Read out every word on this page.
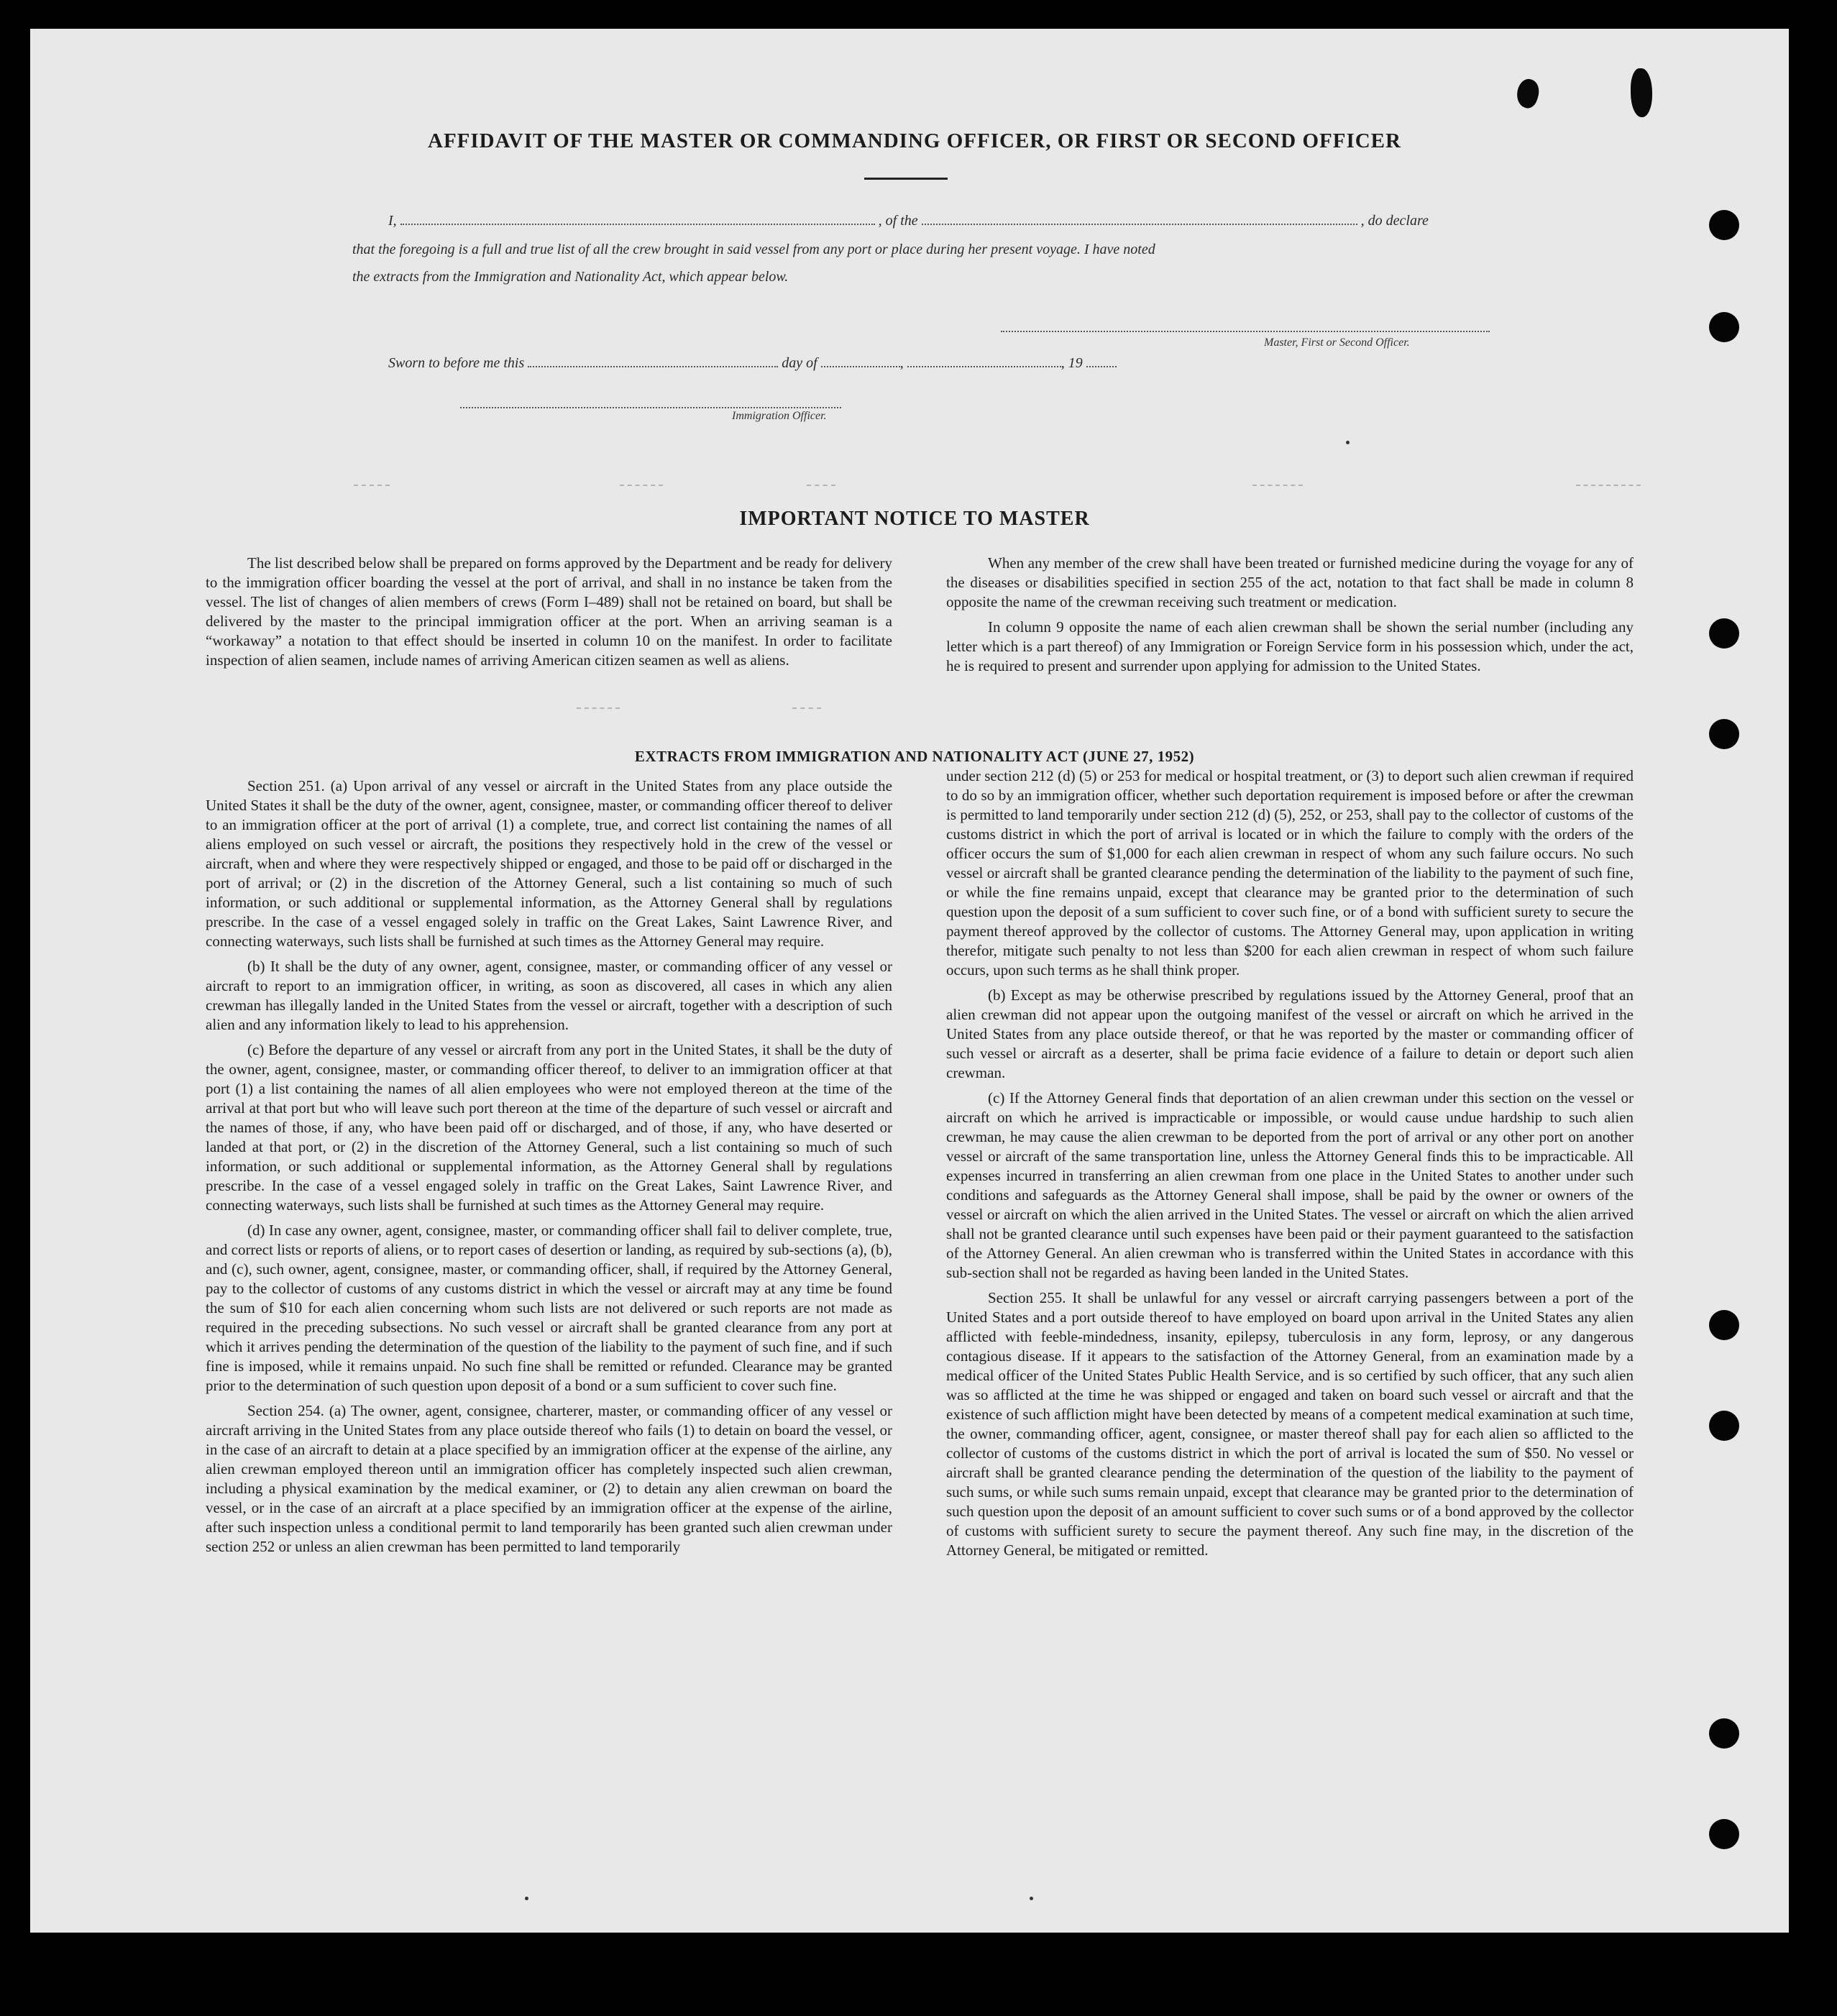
AFFIDAVIT OF THE MASTER OR COMMANDING OFFICER, OR FIRST OR SECOND OFFICER
I,	, of the	, do declare
that the foregoing is a full and true list of all the crew brought in said vessel from any port or place during her present voyage. I have noted
the extracts from the Immigration and Nationality Act, which appear below.
Master, First or Second Officer.
Sworn to before me this	day of	,	, 19
Immigration Officer.
IMPORTANT NOTICE TO MASTER

The list described below shall be prepared on forms approved by the Department and be ready for delivery to the immigration officer boarding the vessel at the port of arrival, and shall in no instance be taken from the vessel. The list of changes of alien members of crews (Form I–489) shall not be retained on board, but shall be delivered by the master to the principal immigration officer at the port. When an arriving seaman is a “workaway” a notation to that effect should be inserted in column 10 on the manifest. In order to facilitate inspection of alien seamen, include names of arriving American citizen seamen as well as aliens.

When any member of the crew shall have been treated or furnished medicine during the voyage for any of the diseases or disabilities specified in section 255 of the act, notation to that fact shall be made in column 8 opposite the name of the crewman receiving such treatment or medication.

In column 9 opposite the name of each alien crewman shall be shown the serial number (including any letter which is a part thereof) of any Immigration or Foreign Service form in his possession which, under the act, he is required to present and surrender upon applying for admission to the United States.

EXTRACTS FROM IMMIGRATION AND NATIONALITY ACT (JUNE 27, 1952)

Section 251. (a) Upon arrival of any vessel or aircraft in the United States from any place outside the United States it shall be the duty of the owner, agent, consignee, master, or commanding officer thereof to deliver to an immigration officer at the port of arrival (1) a complete, true, and correct list containing the names of all aliens employed on such vessel or aircraft, the positions they respectively hold in the crew of the vessel or aircraft, when and where they were respectively shipped or engaged, and those to be paid off or discharged in the port of arrival; or (2) in the discretion of the Attorney General, such a list containing so much of such information, or such additional or supplemental information, as the Attorney General shall by regulations prescribe. In the case of a vessel engaged solely in traffic on the Great Lakes, Saint Lawrence River, and connecting waterways, such lists shall be furnished at such times as the Attorney General may require.

(b) It shall be the duty of any owner, agent, consignee, master, or commanding officer of any vessel or aircraft to report to an immigration officer, in writing, as soon as discovered, all cases in which any alien crewman has illegally landed in the United States from the vessel or aircraft, together with a description of such alien and any information likely to lead to his apprehension.

(c) Before the departure of any vessel or aircraft from any port in the United States, it shall be the duty of the owner, agent, consignee, master, or commanding officer thereof, to deliver to an immigration officer at that port (1) a list containing the names of all alien employees who were not employed thereon at the time of the arrival at that port but who will leave such port thereon at the time of the departure of such vessel or aircraft and the names of those, if any, who have been paid off or discharged, and of those, if any, who have deserted or landed at that port, or (2) in the discretion of the Attorney General, such a list containing so much of such information, or such additional or supplemental information, as the Attorney General shall by regulations prescribe. In the case of a vessel engaged solely in traffic on the Great Lakes, Saint Lawrence River, and connecting waterways, such lists shall be furnished at such times as the Attorney General may require.

(d) In case any owner, agent, consignee, master, or commanding officer shall fail to deliver complete, true, and correct lists or reports of aliens, or to report cases of desertion or landing, as required by sub-sections (a), (b), and (c), such owner, agent, consignee, master, or commanding officer, shall, if required by the Attorney General, pay to the collector of customs of any customs district in which the vessel or aircraft may at any time be found the sum of $10 for each alien concerning whom such lists are not delivered or such reports are not made as required in the preceding subsections. No such vessel or aircraft shall be granted clearance from any port at which it arrives pending the determination of the question of the liability to the payment of such fine, and if such fine is imposed, while it remains unpaid. No such fine shall be remitted or refunded. Clearance may be granted prior to the determination of such question upon deposit of a bond or a sum sufficient to cover such fine.

Section 254. (a) The owner, agent, consignee, charterer, master, or commanding officer of any vessel or aircraft arriving in the United States from any place outside thereof who fails (1) to detain on board the vessel, or in the case of an aircraft to detain at a place specified by an immigration officer at the expense of the airline, any alien crewman employed thereon until an immigration officer has completely inspected such alien crewman, including a physical examination by the medical examiner, or (2) to detain any alien crewman on board the vessel, or in the case of an aircraft at a place specified by an immigration officer at the expense of the airline, after such inspection unless a conditional permit to land temporarily has been granted such alien crewman under section 252 or unless an alien crewman has been permitted to land temporarily

under section 212 (d) (5) or 253 for medical or hospital treatment, or (3) to deport such alien crewman if required to do so by an immigration officer, whether such deportation requirement is imposed before or after the crewman is permitted to land temporarily under section 212 (d) (5), 252, or 253, shall pay to the collector of customs of the customs district in which the port of arrival is located or in which the failure to comply with the orders of the officer occurs the sum of $1,000 for each alien crewman in respect of whom any such failure occurs. No such vessel or aircraft shall be granted clearance pending the determination of the liability to the payment of such fine, or while the fine remains unpaid, except that clearance may be granted prior to the determination of such question upon the deposit of a sum sufficient to cover such fine, or of a bond with sufficient surety to secure the payment thereof approved by the collector of customs. The Attorney General may, upon application in writing therefor, mitigate such penalty to not less than $200 for each alien crewman in respect of whom such failure occurs, upon such terms as he shall think proper.

(b) Except as may be otherwise prescribed by regulations issued by the Attorney General, proof that an alien crewman did not appear upon the outgoing manifest of the vessel or aircraft on which he arrived in the United States from any place outside thereof, or that he was reported by the master or commanding officer of such vessel or aircraft as a deserter, shall be prima facie evidence of a failure to detain or deport such alien crewman.

(c) If the Attorney General finds that deportation of an alien crewman under this section on the vessel or aircraft on which he arrived is impracticable or impossible, or would cause undue hardship to such alien crewman, he may cause the alien crewman to be deported from the port of arrival or any other port on another vessel or aircraft of the same transportation line, unless the Attorney General finds this to be impracticable. All expenses incurred in transferring an alien crewman from one place in the United States to another under such conditions and safeguards as the Attorney General shall impose, shall be paid by the owner or owners of the vessel or aircraft on which the alien arrived in the United States. The vessel or aircraft on which the alien arrived shall not be granted clearance until such expenses have been paid or their payment guaranteed to the satisfaction of the Attorney General. An alien crewman who is transferred within the United States in accordance with this sub-section shall not be regarded as having been landed in the United States.

Section 255. It shall be unlawful for any vessel or aircraft carrying passengers between a port of the United States and a port outside thereof to have employed on board upon arrival in the United States any alien afflicted with feeble-mindedness, insanity, epilepsy, tuberculosis in any form, leprosy, or any dangerous contagious disease. If it appears to the satisfaction of the Attorney General, from an examination made by a medical officer of the United States Public Health Service, and is so certified by such officer, that any such alien was so afflicted at the time he was shipped or engaged and taken on board such vessel or aircraft and that the existence of such affliction might have been detected by means of a competent medical examination at such time, the owner, commanding officer, agent, consignee, or master thereof shall pay for each alien so afflicted to the collector of customs of the customs district in which the port of arrival is located the sum of $50. No vessel or aircraft shall be granted clearance pending the determination of the question of the liability to the payment of such sums, or while such sums remain unpaid, except that clearance may be granted prior to the determination of such question upon the deposit of an amount sufficient to cover such sums or of a bond approved by the collector of customs with sufficient surety to secure the payment thereof. Any such fine may, in the discretion of the Attorney General, be mitigated or remitted.
